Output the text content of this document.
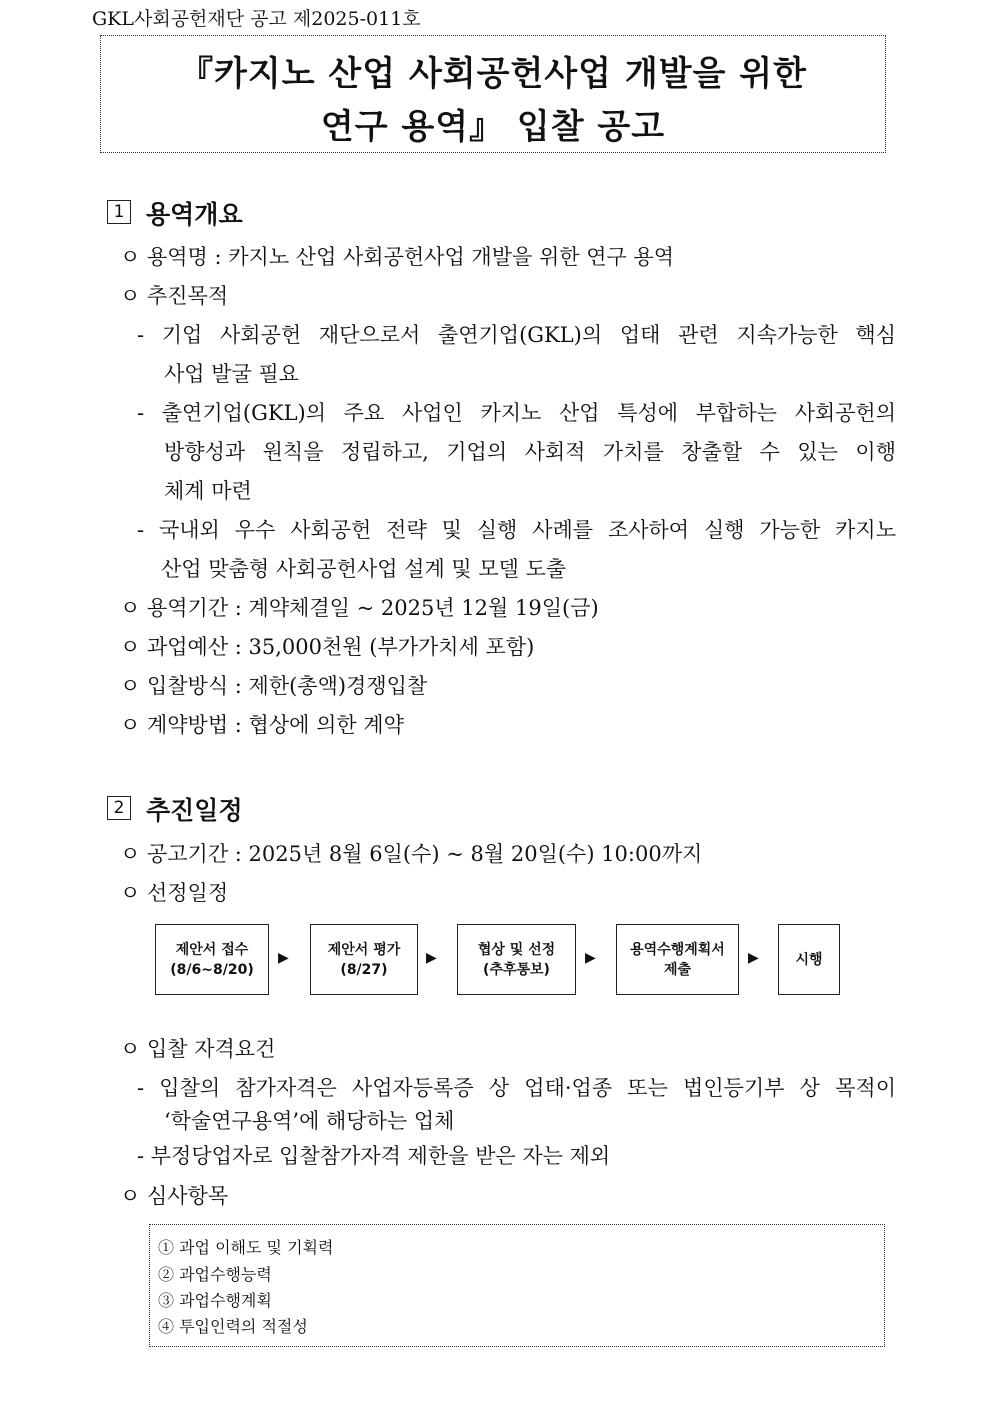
GKL사회공헌재단 공고 제2025-011호
『카지노 산업 사회공헌사업 개발을 위한
연구 용역』 입찰 공고
1 용역개요
ㅇ 용역명 : 카지노 산업 사회공헌사업 개발을 위한 연구 용역
ㅇ 추진목적
- 기업 사회공헌 재단으로서 출연기업(GKL)의 업태 관련 지속가능한 핵심
사업 발굴 필요
- 출연기업(GKL)의 주요 사업인 카지노 산업 특성에 부합하는 사회공헌의
방향성과 원칙을 정립하고, 기업의 사회적 가치를 창출할 수 있는 이행
체계 마련
- 국내외 우수 사회공헌 전략 및 실행 사례를 조사하여 실행 가능한 카지노
산업 맞춤형 사회공헌사업 설계 및 모델 도출
ㅇ 용역기간 : 계약체결일 ~ 2025년 12월 19일(금)
ㅇ 과업예산 : 35,000천원 (부가가치세 포함)
ㅇ 입찰방식 : 제한(총액)경쟁입찰
ㅇ 계약방법 : 협상에 의한 계약
2 추진일정
ㅇ 공고기간 : 2025년 8월 6일(수) ~ 8월 20일(수) 10:00까지
ㅇ 선정일정
제안서 접수
(8/6~8/20)
▶
제안서 평가
(8/27)
▶
협상 및 선정
(추후통보)
▶
용역수행계획서
제출
▶	시행
ㅇ 입찰 자격요건
- 입찰의 참가자격은 사업자등록증 상 업태·업종 또는 법인등기부 상 목적이
‘학술연구용역’에 해당하는 업체
- 부정당업자로 입찰참가자격 제한을 받은 자는 제외
ㅇ 심사항목
① 과업 이해도 및 기획력
② 과업수행능력
③ 과업수행계획
④ 투입인력의 적절성
